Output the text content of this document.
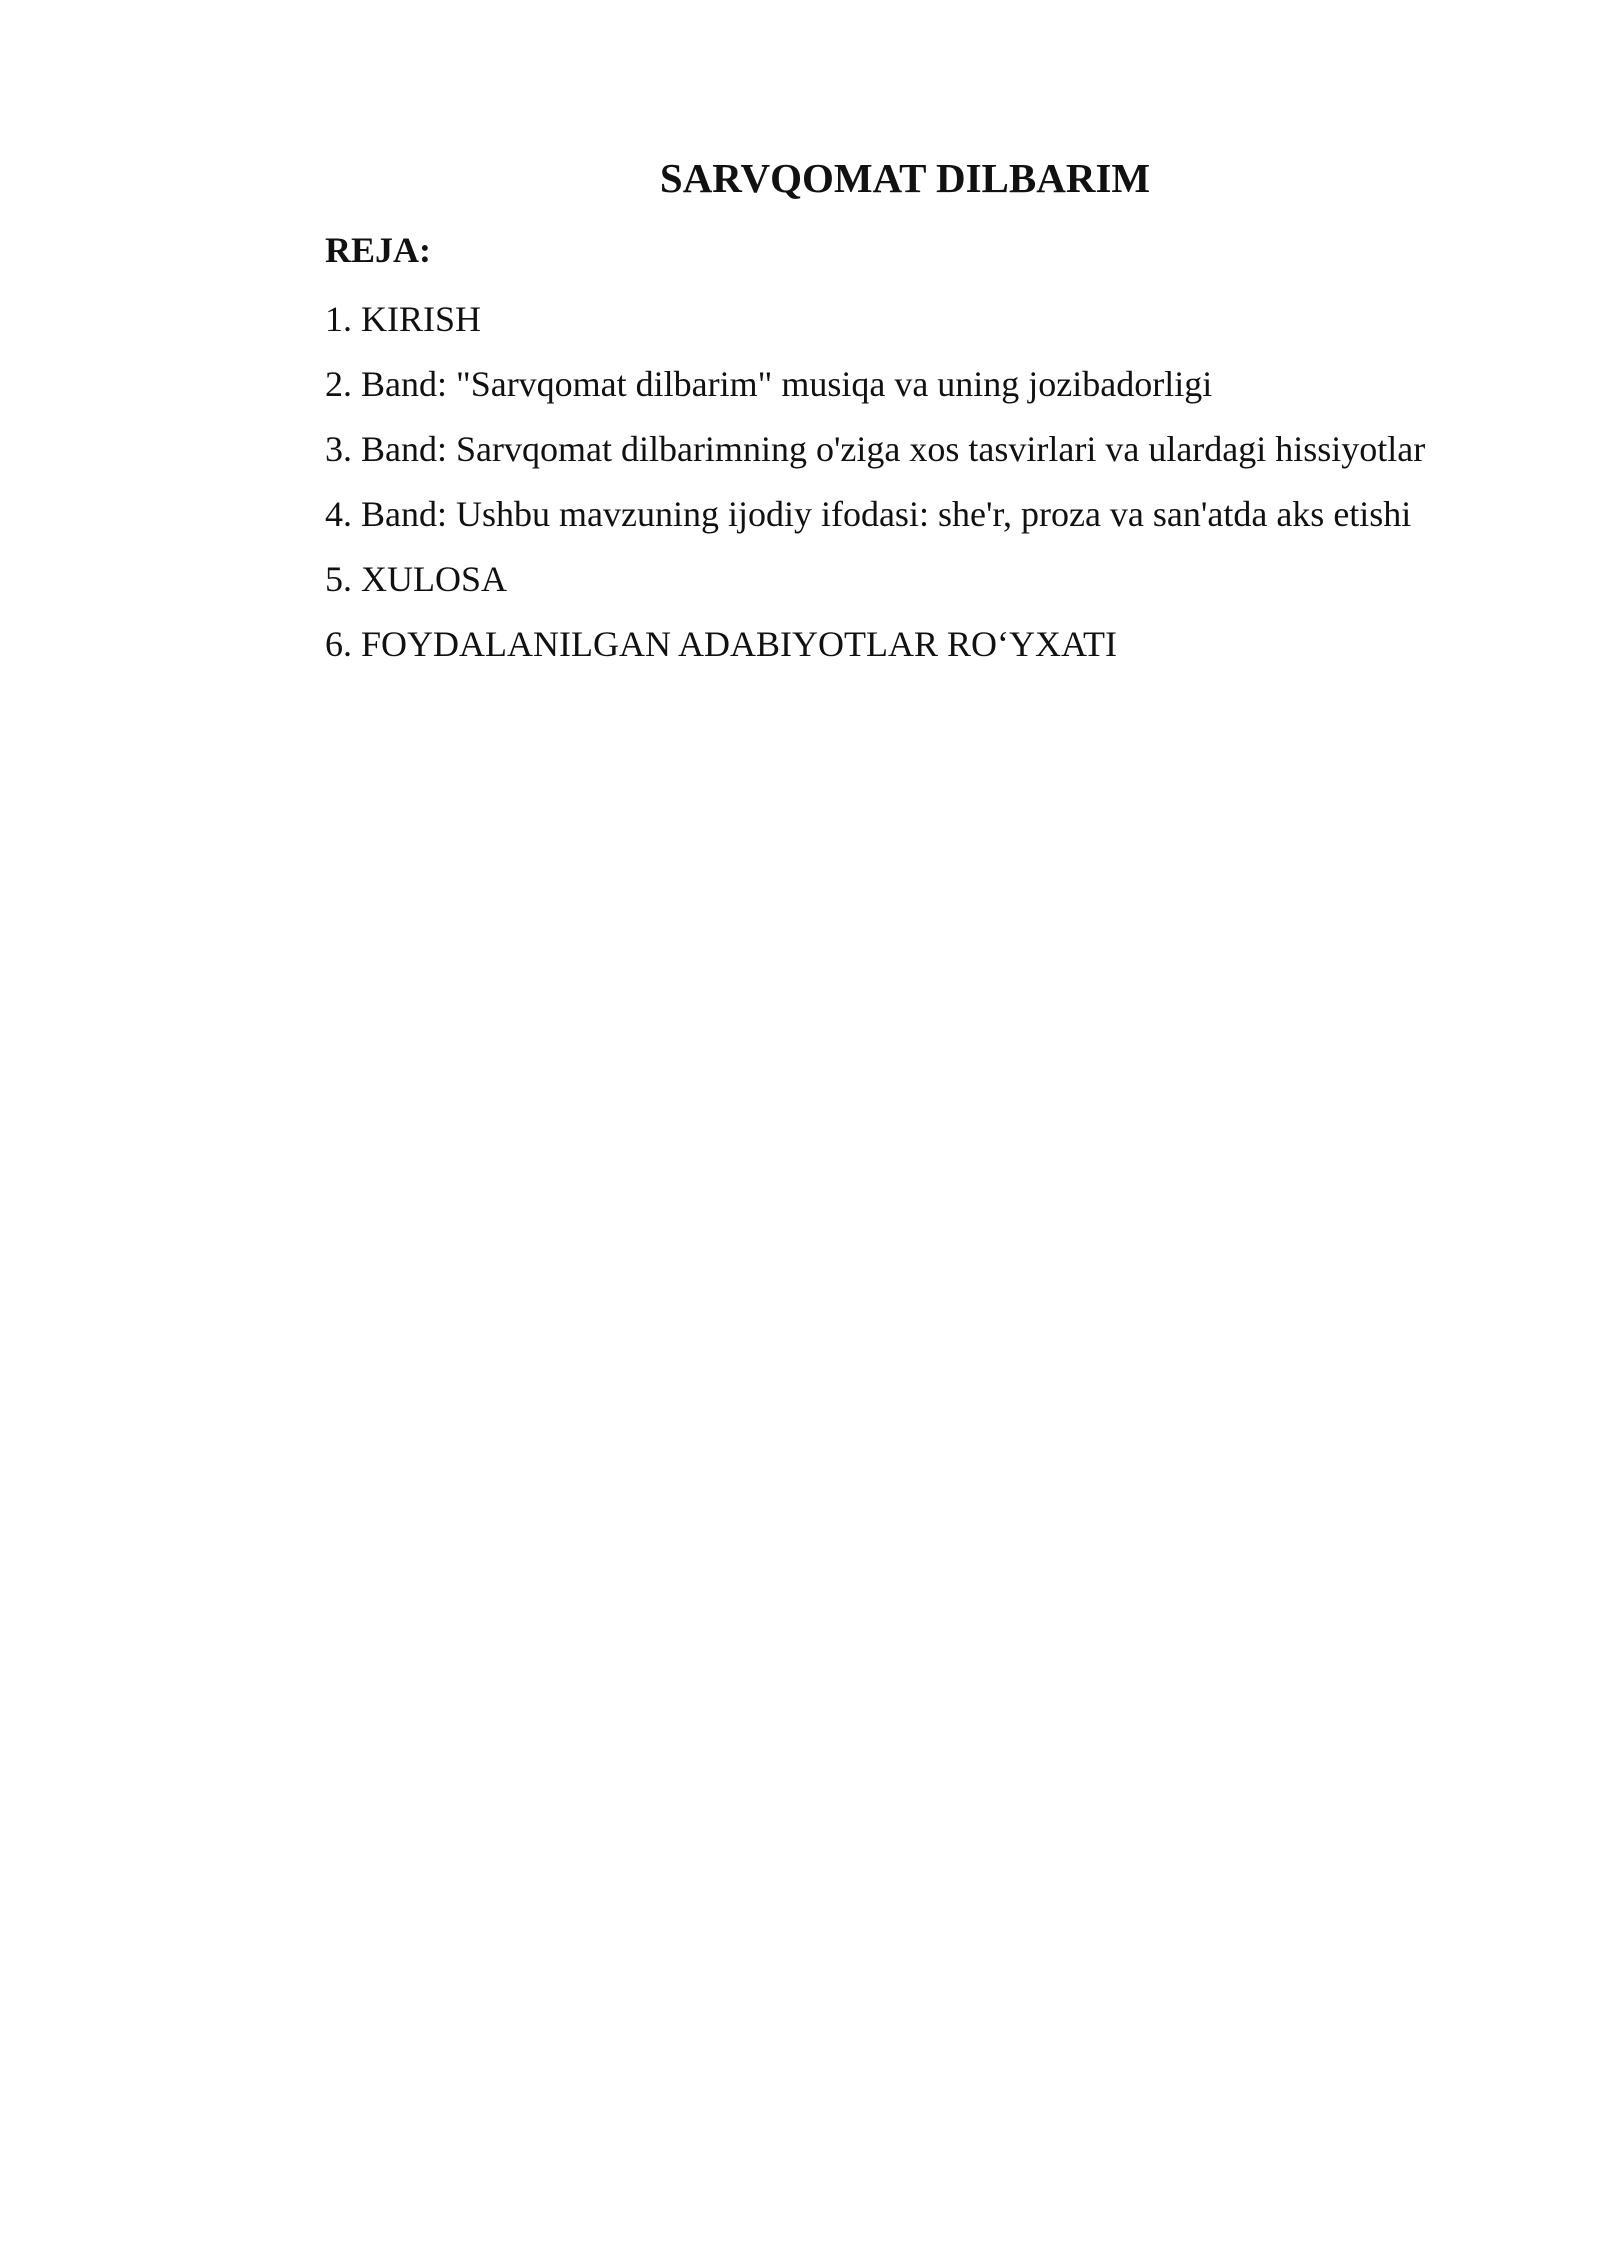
SARVQOMAT DILBARIM

REJA:

1. KIRISH
2. Band: "Sarvqomat dilbarim" musiqa va uning jozibadorligi
3. Band: Sarvqomat dilbarimning o'ziga xos tasvirlari va ulardagi hissiyotlar
4. Band: Ushbu mavzuning ijodiy ifodasi: she'r, proza va san'atda aks etishi
5. XULOSA
6. FOYDALANILGAN ADABIYOTLAR RO‘YXATI
